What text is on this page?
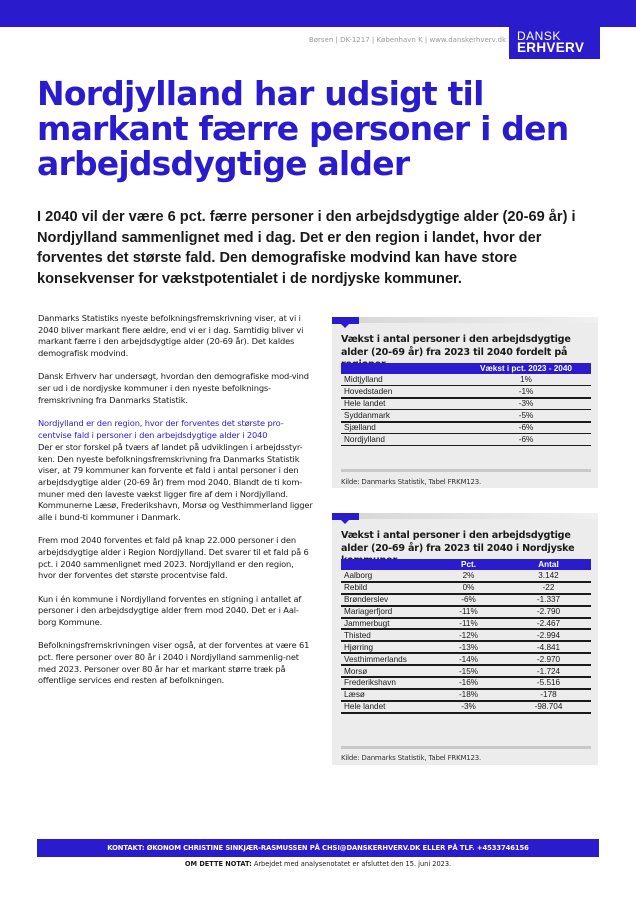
Børsen | DK-1217 | København K | www.danskerhverv.dk DANSK
ERHVERV
Nordjylland har udsigt til markant færre personer i den arbejdsdygtige alder
I 2040 vil der være 6 pct. færre personer i den arbejdsdygtige alder (20-69 år) i Nordjylland sammenlignet med i dag. Det er den region i landet, hvor der forventes det største fald. Den demografiske modvind kan have store konsekvenser for vækstpotentialet i de nordjyske kommuner.

Danmarks Statistiks nyeste befolkningsfremskrivning viser, at vi i 2040 bliver markant flere ældre, end vi er i dag. Samtidig bliver vi markant færre i den arbejdsdygtige alder (20-69 år). Det kaldes demografisk modvind.

Dansk Erhverv har undersøgt, hvordan den demografiske mod-vind ser ud i de nordjyske kommuner i den nyeste befolknings-fremskrivning fra Danmarks Statistik.

Nordjylland er den region, hvor der forventes det største pro-centvise fald i personer i den arbejdsdygtige alder i 2040

Der er stor forskel på tværs af landet på udviklingen i arbejdsstyr-ken. Den nyeste befolkningsfremskrivning fra Danmarks Statistik viser, at 79 kommuner kan forvente et fald i antal personer i den arbejdsdygtige alder (20-69 år) frem mod 2040. Blandt de ti kom-muner med den laveste vækst ligger fire af dem i Nordjylland. Kommunerne Læsø, Frederikshavn, Morsø og Vesthimmerland ligger alle i bund-ti kommuner i Danmark.

Frem mod 2040 forventes et fald på knap 22.000 personer i den arbejdsdygtige alder i Region Nordjylland. Det svarer til et fald på 6 pct. i 2040 sammenlignet med 2023. Nordjylland er den region, hvor der forventes det største procentvise fald.

Kun i én kommune i Nordjylland forventes en stigning i antallet af personer i den arbejdsdygtige alder frem mod 2040. Det er i Aal-borg Kommune.

Befolkningsfremskrivningen viser også, at der forventes at være 61 pct. flere personer over 80 år i 2040 i Nordjylland sammenlig-net med 2023. Personer over 80 år har et markant større træk på offentlige services end resten af befolkningen.

Vækst i antal personer i den arbejdsdygtige alder (20-69 år) fra 2023 til 2040 fordelt på
	Vækst i pct. 2023 - 2040
Midtjylland	1%
Hovedstaden	-1%
Hele landet	-3%
Syddanmark	-5%
Sjælland	-6%
Nordjylland	-6%
Kilde: Danmarks Statistik, Tabel FRKM123.
Vækst i antal personer i den arbejdsdygtige alder (20-69 år) fra 2023 til 2040 i Nordjyske
	Pct.	Antal
Aalborg	2%	3.142
Rebild	0%	-22
Brønderslev	-6%	-1.337
Mariagerfjord	-11%	-2.790
Jammerbugt	-11%	-2.467
Thisted	-12%	-2.994
Hjørring	-13%	-4.841
Vesthimmerlands	-14%	-2.970
Morsø	-15%	-1.724
Frederikshavn	-16%	-5.516
Læsø	-18%	-178
Hele landet	-3%	-98.704
Kilde: Danmarks Statistik, Tabel FRKM123.
KONTAKT: ØKONOM CHRISTINE SINKJÆR-RASMUSSEN PÅ CHSI@DANSKERHVERV.DK ELLER PÅ TLF. +4533746156
OM DETTE NOTAT: Arbejdet med analysenotatet er afsluttet den 15. juni 2023.
